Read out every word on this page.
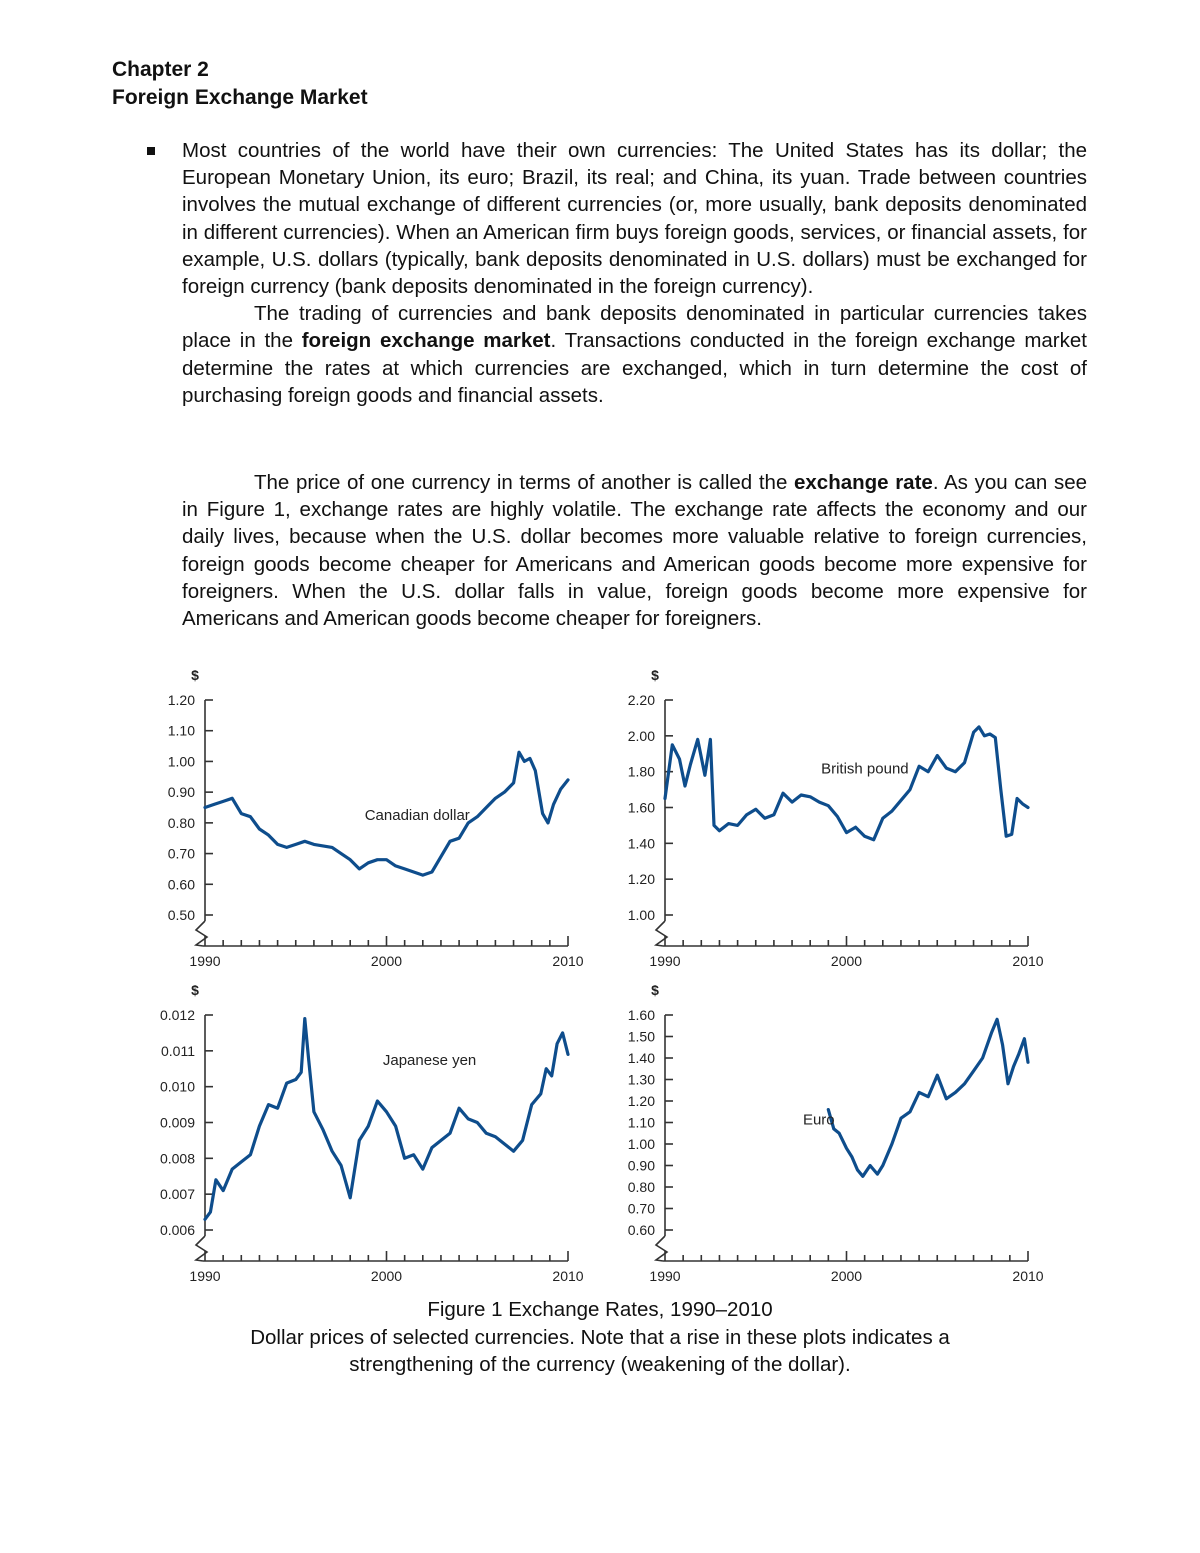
Chapter 2
Foreign Exchange Market

Most countries of the world have their own currencies: The United States has its dollar; the European Monetary Union, its euro; Brazil, its real; and China, its yuan. Trade between countries involves the mutual exchange of different currencies (or, more usually, bank deposits denominated in different currencies). When an American firm buys foreign goods, services, or financial assets, for example, U.S. dollars (typically, bank deposits denominated in U.S. dollars) must be exchanged for foreign currency (bank deposits denominated in the foreign currency).

The trading of currencies and bank deposits denominated in particular currencies takes place in the foreign exchange market. Transactions conducted in the foreign exchange market determine the rates at which currencies are exchanged, which in turn determine the cost of purchasing foreign goods and financial assets.

The price of one currency in terms of another is called the exchange rate. As you can see in Figure 1, exchange rates are highly volatile. The exchange rate affects the economy and our daily lives, because when the U.S. dollar becomes more valuable relative to foreign currencies, foreign goods become cheaper for Americans and American goods become more expensive for foreigners. When the U.S. dollar falls in value, foreign goods become more expensive for Americans and American goods become cheaper for foreigners.

$
0.50
0.60
0.70
0.80
0.90
1.00
1.10
1.20
1990	2000	2010
Canadian dollar
$
1.00
1.20
1.40
1.60
1.80
2.00
2.20
1990	2000	2010
British pound
$
0.006
0.007
0.008
0.009
0.010
0.011
0.012
1990	2000	2010
Japanese yen
$
0.60
0.70
0.80
0.90
1.00
1.10
1.20
1.30
1.40
1.50
1.60
1990	2000	2010
Euro
Figure 1 Exchange Rates, 1990–2010
Dollar prices of selected currencies. Note that a rise in these plots indicates a
strengthening of the currency (weakening of the dollar).
